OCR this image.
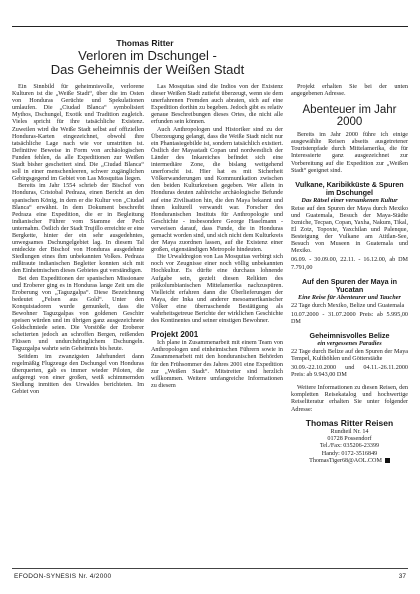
Thomas Ritter
Verloren im Dschungel -
Das Geheimnis der Weißen Stadt

Ein Sinnbild für geheimnisvolle, verlorene Kulturen ist die „Weiße Stadt“, über die im Osten von Honduras Gerüchte und Spekulationen umlaufen. Die „Ciudad Blanca“ symbolisiert Mythos, Dschungel, Exotik und Tradition zugleich. Vieles spricht für ihre tatsächliche Existenz. Zuweilen wird die Weiße Stadt selbst auf offiziellen Honduras-Karten eingezeichnet, obwohl ihre tatsächliche Lage nach wie vor umstritten ist. Definitive Beweise in Form von archäologischen Funden fehlen, da alle Expeditionen zur Weißen Stadt bisher gescheitert sind. Die „Ciudad Blanca“ soll in einer menschenleeren, schwer zugänglichen Gebirgsgegend im Gebiet von Las Mosquitas liegen.

Bereits im Jahr 1554 schrieb der Bischof von Honduras, Cristobal Pedraza, einen Bericht an den spanischen König, in dem er die Kultur von „Ciudad Blanca“ erwähnt. In dem Dokument beschreibt Pedraza eine Expedition, die er in Begleitung indianischer Führer vom Stamme der Pech unternahm. Östlich der Stadt Trujillo erreichte er eine Bergkette, hinter der ein sehr ausgedehntes, unwegsames Dschungelgebiet lag. In diesem Tal entdeckte der Bischof von Honduras ausgedehnte Siedlungen eines ihm unbekannten Volkes. Pedraza mißtraute indianischen Begleiter konnten sich mit den Einheimischen dieses Gebietes gut verständigen.

Bei den Expeditionen der spanischen Missionare und Eroberer ging es in Honduras lange Zeit um die Eroberung von „Taguzgalpa“. Diese Bezeichnung bedeutet „Felsen aus Gold“. Unter den Konquistadoren wurde gemunkelt, dass die Bewohner Taguzgalpas von goldenen Geschirr speisen würden und im übrigen ganz ausgezeichnete Goldschmiede seien. Die Vorstöße der Eroberer scheiterten jedoch an schroffen Bergen, reißenden Flüssen und undurchdringlichem Dschungeln. Taguzgalpa wahrte sein Geheimnis bis heute.

Seitdem im zwanzigsten Jahrhundert dann regelmäßig Flugzeuge den Dschungel von Honduras überquerten, gab es immer wieder Piloten, die aufgeregt von einer großen, weiß schimmernden Siedlung inmitten des Urwaldes berichteten. Im Gebiet von

Las Mosquitas sind die Indios von der Existenz dieser Weißen Stadt zutiefst überzeugt, wenn sie dem unerfahrenen Fremden auch abraten, sich auf eine Expedition dorthin zu begeben. Jedoch gibt es relativ genaue Beschreibungen dieses Ortes, die nicht alle erfunden sein können.

Auch Anthropologen und Historiker sind zu der Überzeugung gelangt, dass die Weiße Stadt nicht nur ein Phantasiegebilde ist, sondern tatsächlich existiert. Östlich der Mayastadt Copan und nordwestlich der Länder des Inkareiches befindet sich eine intermediäre Zone, die bislang weitgehend unerforscht ist. Hier hat es mit Sicherheit Völkerwanderungen und Kommunikation zwischen den beiden Kulturkreisen gegeben. Wer allein in Honduras deuten zahlreiche archäologische Befunde auf eine Zivilisation hin, die den Maya bekannt und ihnen kulturell verwandt war. Forscher des Honduranischen Instituts für Anthropologie und Geschichte - insbesondere George Haselmann - verweisen darauf, dass Funde, die in Honduras gemacht worden sind, und sich nicht dem Kulturkreis der Maya zuordnen lassen, auf die Existenz einer großen, eigenständigen Metropole hindeuten.

Die Urwaldregion von Las Mosquitas verbirgt sich noch vor Zeugnisse einer noch völlig unbekannten Hochkultur. Es dürfte eine durchaus lohnende Aufgabe sein, gezielt diesen Relikten des präkolumbianischen Mittelamerika nachzuspüren. Vielleicht erfahren dann die Überlieferungen der Maya, der Inka und anderer mesoamerikanischer Völker eine überraschende Bestätigung als wahrheitsgetreue Berichte der wirklichen Geschichte des Kontinentes und seiner einstigen Bewohner.

Projekt 2001

Ich plane in Zusammenarbeit mit einem Team von Anthropologen und einheimischen Führern sowie in Zusammenarbeit mit den honduranischen Behörden für den Frühsommer des Jahres 2001 eine Expedition zur „Weißen Stadt“. Mitstreiter sind herzlich willkommen. Weitere umfangreiche Informationen zu diesem

Projekt erhalten Sie bei der unten angegebenen Adresse.

Abenteuer im Jahr
2000

Bereits im Jahr 2000 führe ich einige ausgewählte Reisen abseits ausgetretener Touristenpfade durch Mittelamerika, die für Interessierte ganz ausgezeichnet zur Vorbereitung auf die Expedition zur „Weißen Stadt“ geeignet sind.

Vulkane, Karibikküste & Spuren im Dschungel
Das Rätsel einer versunkenen Kultur
Reise auf den Spuren der Maya durch Mexiko und Guatemala, Besuch der Maya-Städte Ixmiche, Tecpan, Copan, Yaxha, Nakum, Tikal, El Zotz, Topoxte, Yaxchilan und Palenque, Besteigung der Vulkane am Atitlan-See, Besuch von Museen in Guatemala und Mexiko.
06.09. - 30.09.00, 22.11. - 16.12.00, ab DM 7.791,00
Auf den Spuren der Maya in Yucatan
Eine Reise für Abenteurer und Taucher
22 Tage durch Mexiko, Belize und Guatemala
10.07.2000 - 31.07.2000 Preis: ab 5.995,00 DM
Geheimnisvolles Belize
ein vergessenes Paradies
22 Tage durch Belize auf den Spuren der Maya Tempel, Kulthöhlen und Götterstädte
30.09.-22.10.2000 und 04.11.-26.11.2000 Preis: ab 9.943,00 DM

Weitere Informationen zu diesen Reisen, den kompletten Reisekatalog und hochwertige Reiseliteratur erhalten Sie unter folgender Adresse:

Thomas Ritter Reisen
Rundteil Nr. 14
01728 Possendorf
Tel./Fax: 035206-23399
Handy: 0172-3516849
ThomasTiger68@AOL.COM
EFODON-SYNESIS Nr. 4/2000	37
